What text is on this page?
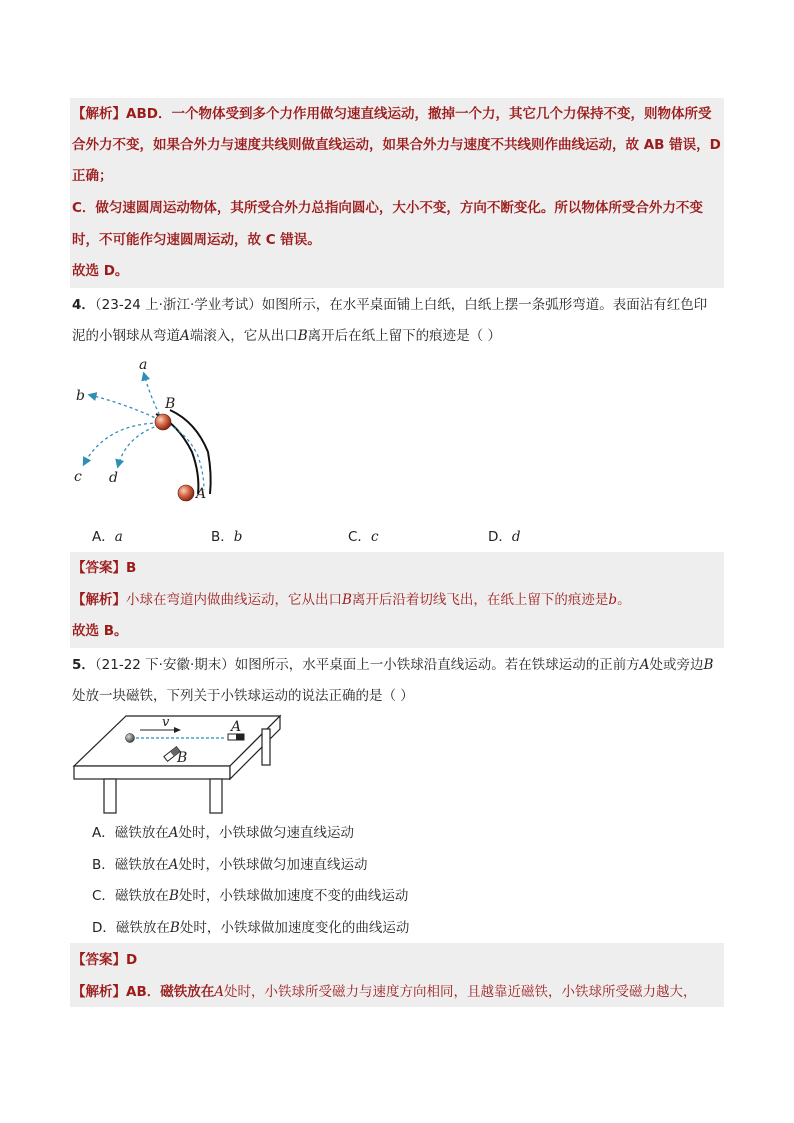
【解析】ABD．一个物体受到多个力作用做匀速直线运动，撤掉一个力，其它几个力保持不变，则物体所受
合外力不变，如果合外力与速度共线则做直线运动，如果合外力与速度不共线则作曲线运动，故 AB 错误，D
正确；
C．做匀速圆周运动物体，其所受合外力总指向圆心，大小不变，方向不断变化。所以物体所受合外力不变
时，不可能作匀速圆周运动，故 C 错误。
故选 D。
4．（23-24 上·浙江·学业考试）如图所示，在水平桌面铺上白纸，白纸上摆一条弧形弯道。表面沾有红色印
泥的小钢球从弯道A端滚入，它从出口B离开后在纸上留下的痕迹是（ ）
a
b
c d
B
A
A．a	B．b	C．c	D．d
【答案】B
【解析】小球在弯道内做曲线运动，它从出口B离开后沿着切线飞出，在纸上留下的痕迹是b。
故选 B。
5．（21-22 下·安徽·期末）如图所示，水平桌面上一小铁球沿直线运动。若在铁球运动的正前方A处或旁边B
处放一块磁铁，下列关于小铁球运动的说法正确的是（ ）
v	A
B
A．磁铁放在A处时，小铁球做匀速直线运动
B．磁铁放在A处时，小铁球做匀加速直线运动
C．磁铁放在B处时，小铁球做加速度不变的曲线运动
D．磁铁放在B处时，小铁球做加速度变化的曲线运动
【答案】D
【解析】AB．磁铁放在A处时，小铁球所受磁力与速度方向相同，且越靠近磁铁，小铁球所受磁力越大，
